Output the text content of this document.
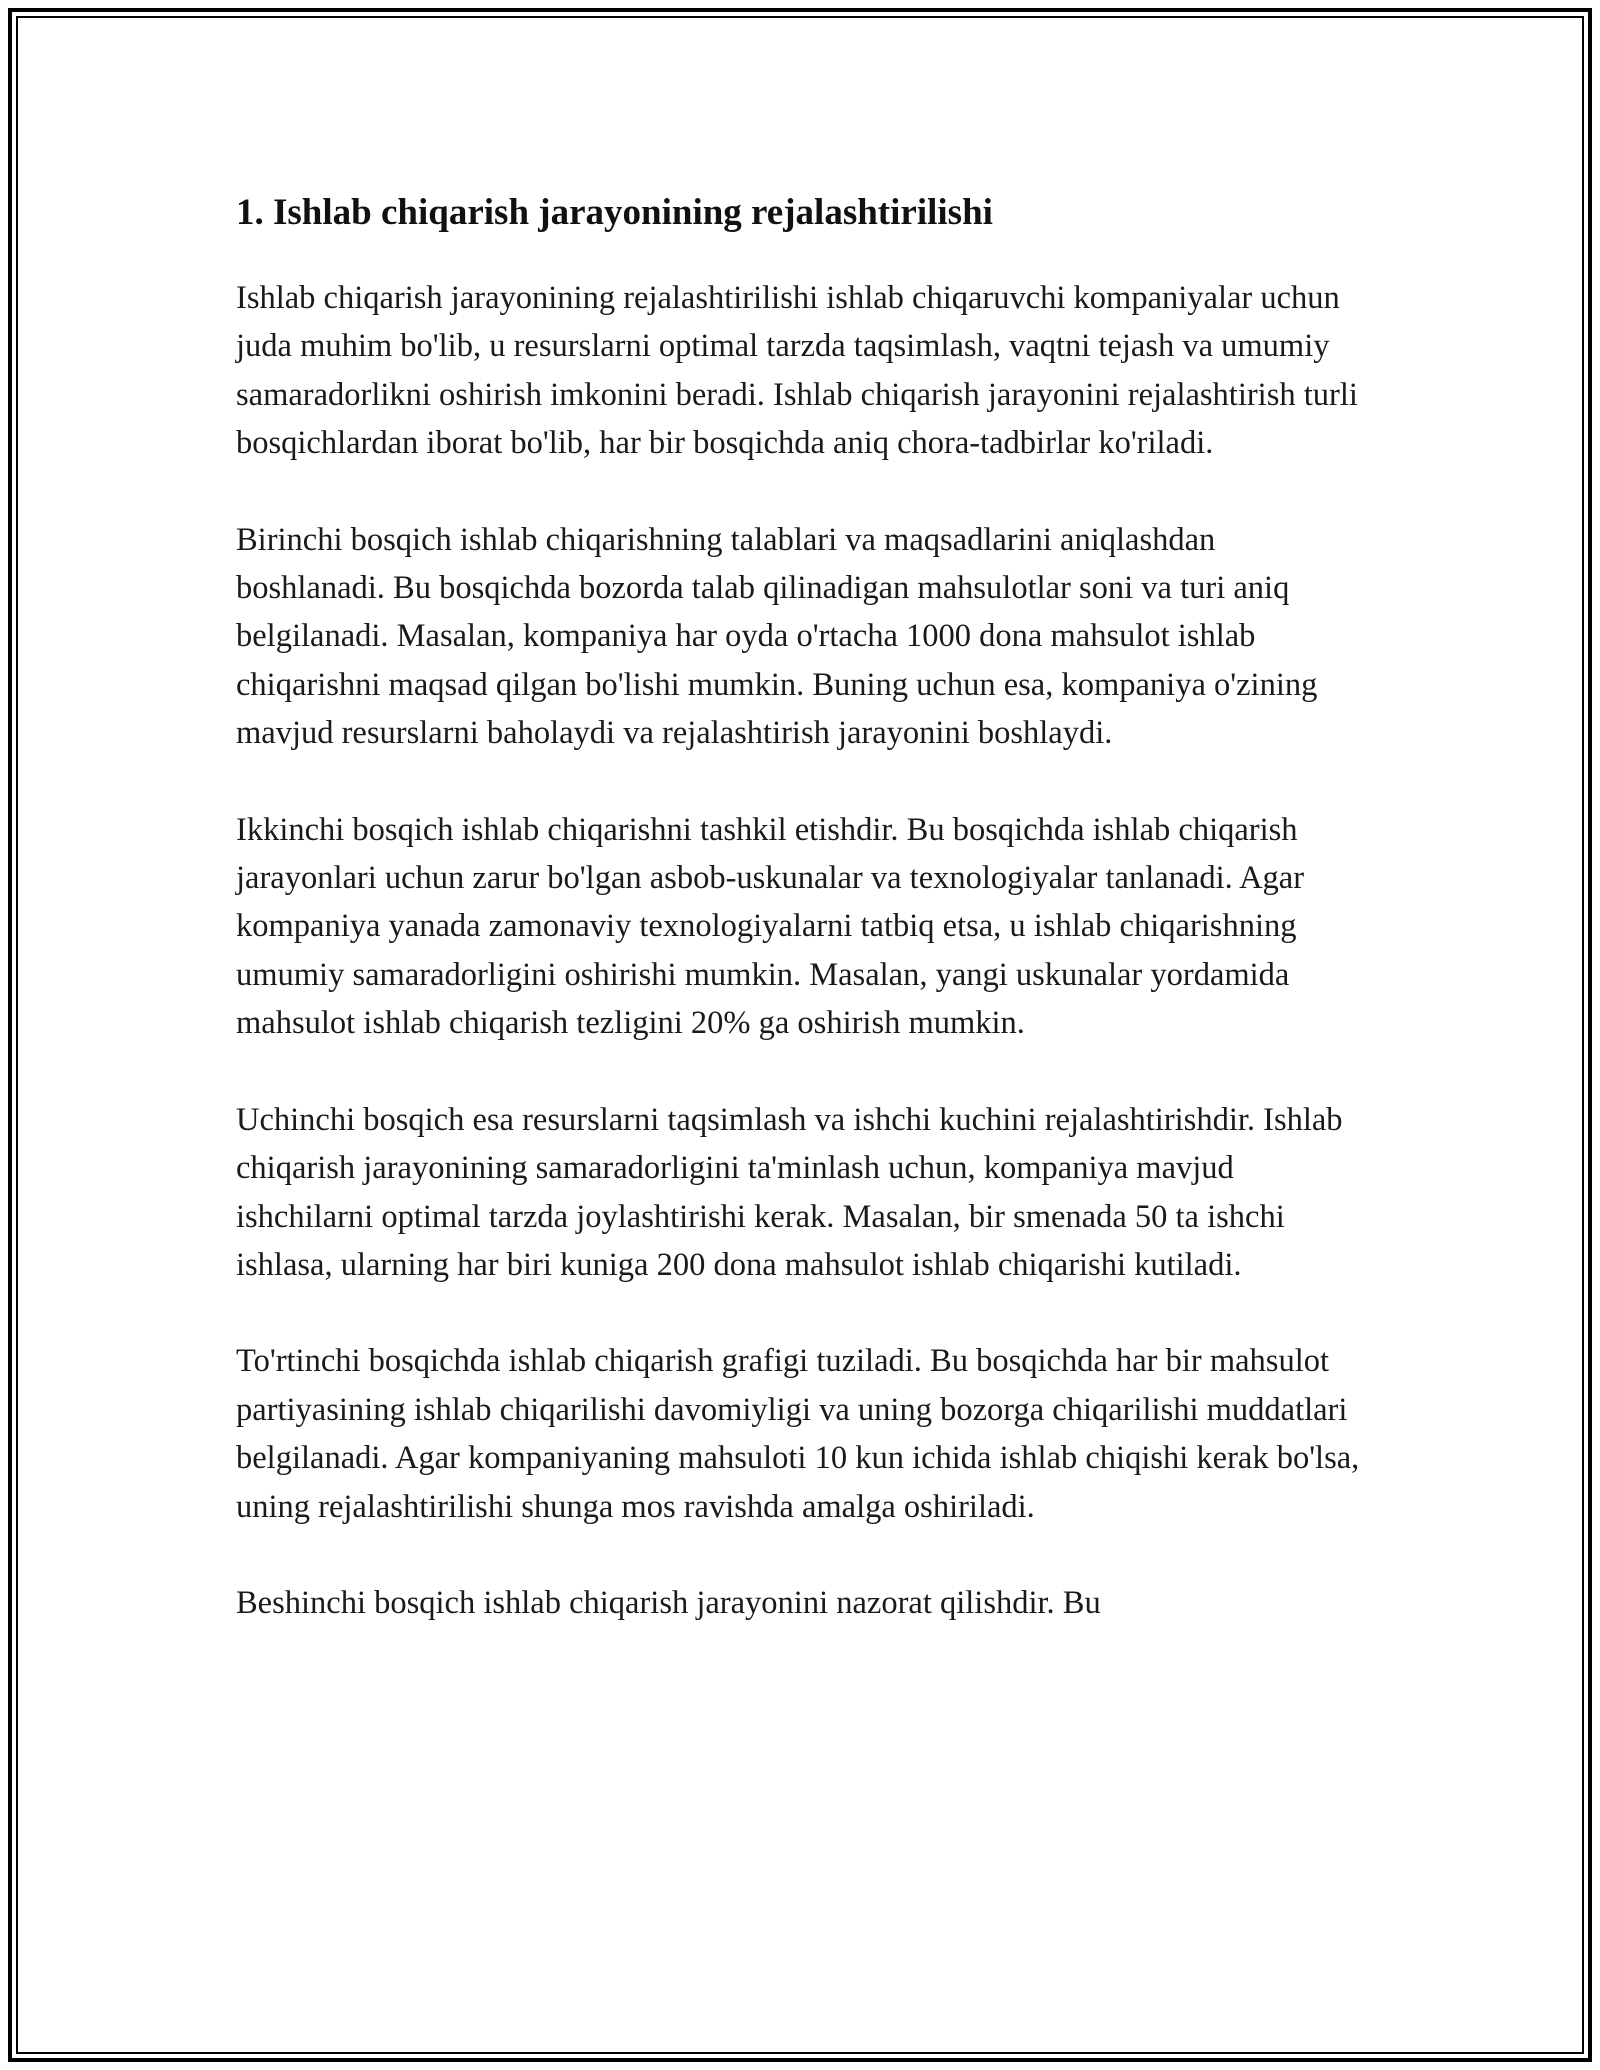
1. Ishlab chiqarish jarayonining rejalashtirilishi

Ishlab chiqarish jarayonining rejalashtirilishi ishlab chiqaruvchi kompaniyalar uchun juda muhim bo'lib, u resurslarni optimal tarzda taqsimlash, vaqtni tejash va umumiy samaradorlikni oshirish imkonini beradi. Ishlab chiqarish jarayonini rejalashtirish turli bosqichlardan iborat bo'lib, har bir bosqichda aniq chora-tadbirlar ko'riladi.

Birinchi bosqich ishlab chiqarishning talablari va maqsadlarini aniqlashdan boshlanadi. Bu bosqichda bozorda talab qilinadigan mahsulotlar soni va turi aniq belgilanadi. Masalan, kompaniya har oyda o'rtacha 1000 dona mahsulot ishlab chiqarishni maqsad qilgan bo'lishi mumkin. Buning uchun esa, kompaniya o'zining mavjud resurslarni baholaydi va rejalashtirish jarayonini boshlaydi.

Ikkinchi bosqich ishlab chiqarishni tashkil etishdir. Bu bosqichda ishlab chiqarish jarayonlari uchun zarur bo'lgan asbob-uskunalar va texnologiyalar tanlanadi. Agar kompaniya yanada zamonaviy texnologiyalarni tatbiq etsa, u ishlab chiqarishning umumiy samaradorligini oshirishi mumkin. Masalan, yangi uskunalar yordamida mahsulot ishlab chiqarish tezligini 20% ga oshirish mumkin.

Uchinchi bosqich esa resurslarni taqsimlash va ishchi kuchini rejalashtirishdir. Ishlab chiqarish jarayonining samaradorligini ta'minlash uchun, kompaniya mavjud ishchilarni optimal tarzda joylashtirishi kerak. Masalan, bir smenada 50 ta ishchi ishlasa, ularning har biri kuniga 200 dona mahsulot ishlab chiqarishi kutiladi.

To'rtinchi bosqichda ishlab chiqarish grafigi tuziladi. Bu bosqichda har bir mahsulot partiyasining ishlab chiqarilishi davomiyligi va uning bozorga chiqarilishi muddatlari belgilanadi. Agar kompaniyaning mahsuloti 10 kun ichida ishlab chiqishi kerak bo'lsa, uning rejalashtirilishi shunga mos ravishda amalga oshiriladi.

Beshinchi bosqich ishlab chiqarish jarayonini nazorat qilishdir. Bu
